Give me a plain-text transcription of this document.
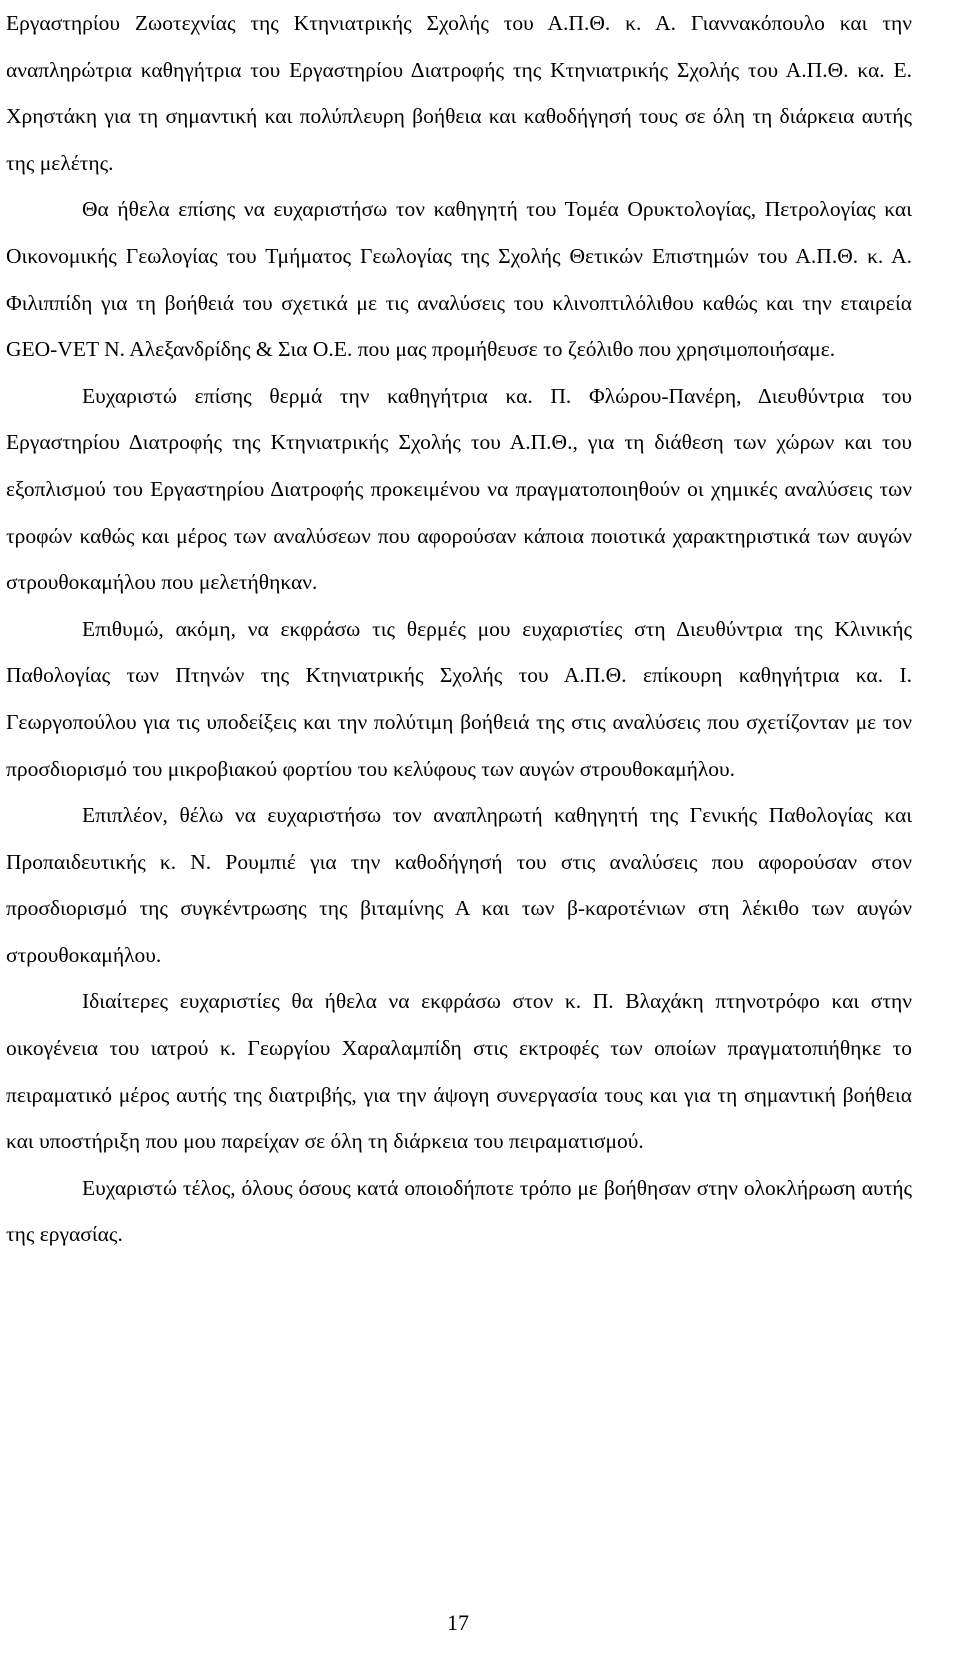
Εργαστηρίου Ζωοτεχνίας της Κτηνιατρικής Σχολής του Α.Π.Θ. κ. Α. Γιαννακόπουλο και την αναπληρώτρια καθηγήτρια του Εργαστηρίου Διατροφής της Κτηνιατρικής Σχολής του Α.Π.Θ. κα. Ε. Χρηστάκη για τη σημαντική και πολύπλευρη βοήθεια και καθοδήγησή τους σε όλη τη διάρκεια αυτής της μελέτης.

Θα ήθελα επίσης να ευχαριστήσω τον καθηγητή του Τομέα Ορυκτολογίας, Πετρολογίας και Οικονομικής Γεωλογίας του Τμήματος Γεωλογίας της Σχολής Θετικών Επιστημών του Α.Π.Θ. κ. Α. Φιλιππίδη για τη βοήθειά του σχετικά με τις αναλύσεις του κλινοπτιλόλιθου καθώς και την εταιρεία GEO-VET Ν. Αλεξανδρίδης & Σια Ο.Ε. που μας προμήθευσε το ζεόλιθο που χρησιμοποιήσαμε.

Ευχαριστώ επίσης θερμά την καθηγήτρια κα. Π. Φλώρου-Πανέρη, Διευθύντρια του Εργαστηρίου Διατροφής της Κτηνιατρικής Σχολής του Α.Π.Θ., για τη διάθεση των χώρων και του εξοπλισμού του Εργαστηρίου Διατροφής προκειμένου να πραγματοποιηθούν οι χημικές αναλύσεις των τροφών καθώς και μέρος των αναλύσεων που αφορούσαν κάποια ποιοτικά χαρακτηριστικά των αυγών στρουθοκαμήλου που μελετήθηκαν.

Επιθυμώ, ακόμη, να εκφράσω τις θερμές μου ευχαριστίες στη Διευθύντρια της Κλινικής Παθολογίας των Πτηνών της Κτηνιατρικής Σχολής του Α.Π.Θ. επίκουρη καθηγήτρια κα. Ι. Γεωργοπούλου για τις υποδείξεις και την πολύτιμη βοήθειά της στις αναλύσεις που σχετίζονταν με τον προσδιορισμό του μικροβιακού φορτίου του κελύφους των αυγών στρουθοκαμήλου.

Επιπλέον, θέλω να ευχαριστήσω τον αναπληρωτή καθηγητή της Γενικής Παθολογίας και Προπαιδευτικής κ. Ν. Ρουμπιέ για την καθοδήγησή του στις αναλύσεις που αφορούσαν στον προσδιορισμό της συγκέντρωσης της βιταμίνης Α και των β-καροτένιων στη λέκιθο των αυγών στρουθοκαμήλου.

Ιδιαίτερες ευχαριστίες θα ήθελα να εκφράσω στον κ. Π. Βλαχάκη πτηνοτρόφο και στην οικογένεια του ιατρού κ. Γεωργίου Χαραλαμπίδη στις εκτροφές των οποίων πραγματοπιήθηκε το πειραματικό μέρος αυτής της διατριβής, για την άψογη συνεργασία τους και για τη σημαντική βοήθεια και υποστήριξη που μου παρείχαν σε όλη τη διάρκεια του πειραματισμού.

Ευχαριστώ τέλος, όλους όσους κατά οποιοδήποτε τρόπο με βοήθησαν στην ολοκλήρωση αυτής της εργασίας.

17
